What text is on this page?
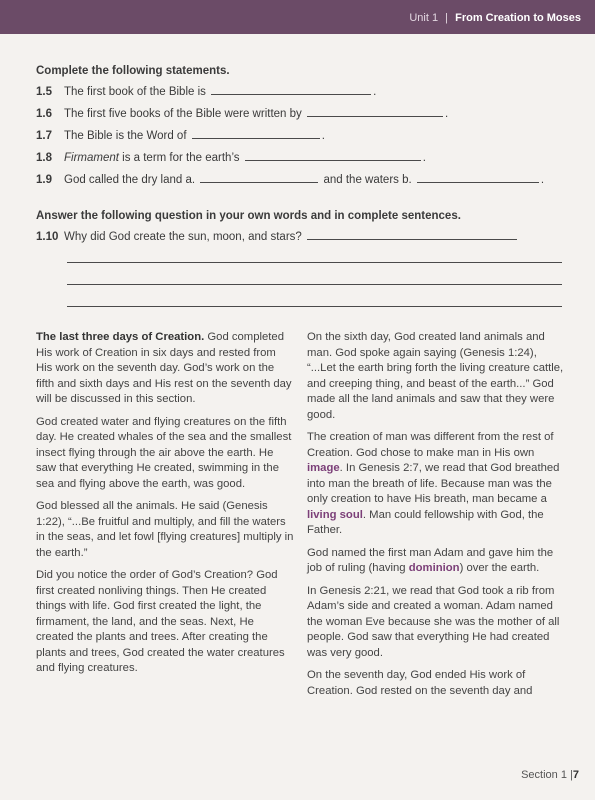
Unit 1 | From Creation to Moses
Complete the following statements.
1.5 The first book of the Bible is	.
1.6 The first five books of the Bible were written by	.
1.7 The Bible is the Word of	.
1.8 Firmament is a term for the earth’s	.
1.9 God called the dry land a.	and the waters b.	.
Answer the following question in your own words and in complete sentences.
1.10 Why did God create the sun, moon, and stars?

The last three days of Creation. God completed His work of Creation in six days and rested from His work on the seventh day. God’s work on the fifth and sixth days and His rest on the seventh day will be discussed in this section.

God created water and flying creatures on the fifth day. He created whales of the sea and the smallest insect flying through the air above the earth. He saw that everything He created, swimming in the sea and flying above the earth, was good.

God blessed all the animals. He said (Genesis 1:22), “...Be fruitful and multiply, and fill the waters in the seas, and let fowl [flying creatures] multiply in the earth.”

Did you notice the order of God’s Creation? God first created nonliving things. Then He created things with life. God first created the light, the firmament, the land, and the seas. Next, He created the plants and trees. After creating the plants and trees, God created the water creatures and flying creatures.

On the sixth day, God created land animals and man. God spoke again saying (Genesis 1:24), “...Let the earth bring forth the living creature cattle, and creeping thing, and beast of the earth...” God made all the land animals and saw that they were good.

The creation of man was different from the rest of Creation. God chose to make man in His own image. In Genesis 2:7, we read that God breathed into man the breath of life. Because man was the only creation to have His breath, man became a living soul. Man could fellowship with God, the Father.

God named the first man Adam and gave him the job of ruling (having dominion) over the earth.

In Genesis 2:21, we read that God took a rib from Adam’s side and created a woman. Adam named the woman Eve because she was the mother of all people. God saw that everything He had created was very good.

On the seventh day, God ended His work of Creation. God rested on the seventh day and

Section 1 |7
